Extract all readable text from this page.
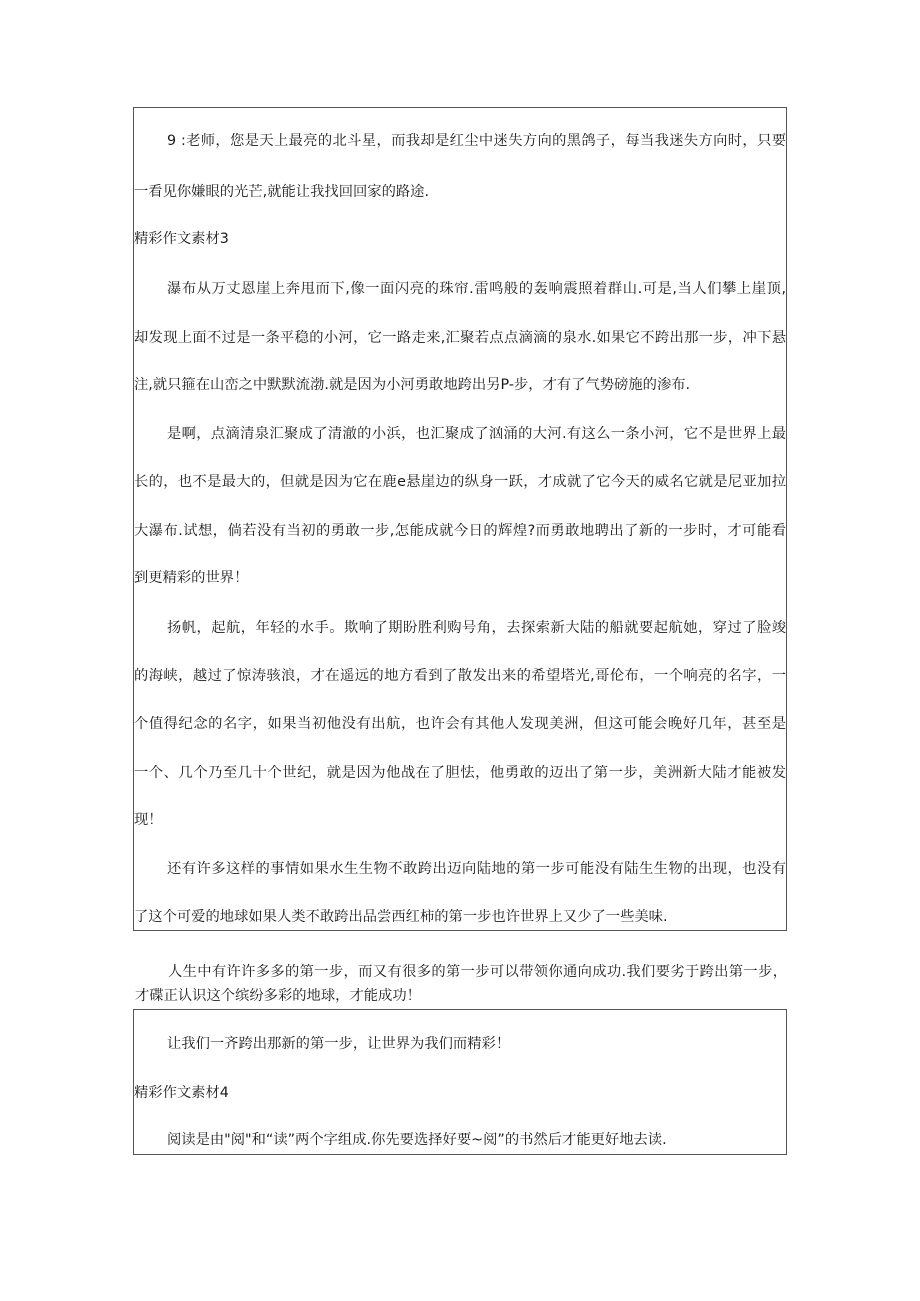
9 :老师，您是天上最亮的北斗星，而我却是红尘中迷失方向的黑鸽子，每当我迷失方向时，只要
一看见你嫌眼的光芒,就能让我找回回家的路途.
精彩作文素材3
瀑布从万丈恩崖上奔甩而下,像一面闪亮的珠帘.雷鸣般的轰响震照着群山.可是,当人们攀上崖顶,
却发现上面不过是一条平稳的小河，它一路走来,汇聚若点点滴滴的泉水.如果它不跨出那一步，冲下悬
注,就只箍在山峦之中默默流渤.就是因为小河勇敢地跨出另P-步，才有了气势磅施的渗布.
是啊，点滴清泉汇聚成了清澈的小浜，也汇聚成了汹涌的大河.有这么一条小河，它不是世界上最
长的，也不是最大的，但就是因为它在鹿e悬崖边的纵身一跃，才成就了它今天的威名它就是尼亚加拉
大瀑布.试想，倘若没有当初的勇敢一步,怎能成就今日的辉煌?而勇敢地聘出了新的一步时，才可能看
到更精彩的世界！
扬帆，起航，年轻的水手。欺响了期盼胜利购号角，去探索新大陆的船就要起航她，穿过了脸竣
的海峡，越过了惊涛骇浪，才在遥远的地方看到了散发出来的希望塔光,哥伦布，一个响亮的名字，一
个值得纪念的名字，如果当初他没有出航，也许会有其他人发现美洲，但这可能会晚好几年，甚至是
一个、几个乃至几十个世纪，就是因为他战在了胆怯，他勇敢的迈出了第一步，美洲新大陆才能被发
现！
还有许多这样的事情如果水生生物不敢跨出迈向陆地的第一步可能没有陆生生物的出现，也没有
了这个可爱的地球如果人类不敢跨出品尝西红柿的第一步也许世界上又少了一些美味.
人生中有许许多多的第一步，而又有很多的第一步可以带领你通向成功.我们要劣于跨出第一步，
才碟正认识这个缤纷多彩的地球，才能成功！
让我们一齐跨出那新的第一步，让世界为我们而精彩！
精彩作文素材4
阅读是由"阅"和“读”两个字组成.你先要选择好要~阅”的书然后才能更好地去读.
